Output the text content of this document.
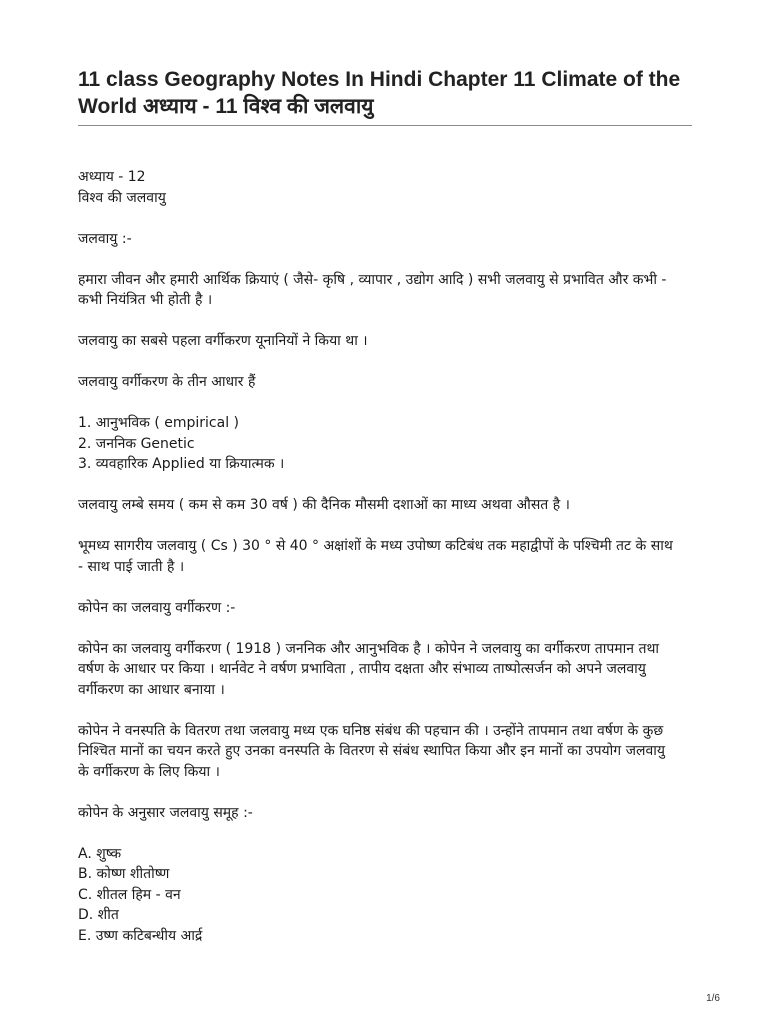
11 class Geography Notes In Hindi Chapter 11 Climate of the World अध्याय - 11 विश्व की जलवायु

अध्याय - 12

विश्व की जलवायु

जलवायु :-

हमारा जीवन और हमारी आर्थिक क्रियाएं ( जैसे- कृषि , व्यापार , उद्योग आदि ) सभी जलवायु से प्रभावित और कभी - कभी नियंत्रित भी होती है ।

जलवायु का सबसे पहला वर्गीकरण यूनानियों ने किया था ।

जलवायु वर्गीकरण के तीन आधार हैं

1. आनुभविक ( empirical )

2. जननिक Genetic

3. व्यवहारिक Applied या क्रियात्मक ।

जलवायु लम्बे समय ( कम से कम 30 वर्ष ) की दैनिक मौसमी दशाओं का माध्य अथवा औसत है ।

भूमध्य सागरीय जलवायु ( Cs ) 30 ° से 40 ° अक्षांशों के मध्य उपोष्ण कटिबंध तक महाद्वीपों के पश्चिमी तट के साथ - साथ पाई जाती है ।

कोपेन का जलवायु वर्गीकरण :-

कोपेन का जलवायु वर्गीकरण ( 1918 ) जननिक और आनुभविक है । कोपेन ने जलवायु का वर्गीकरण तापमान तथा वर्षण के आधार पर किया । थार्नवेट ने वर्षण प्रभाविता , तापीय दक्षता और संभाव्य ताष्पोत्सर्जन को अपने जलवायु वर्गीकरण का आधार बनाया ।

कोपेन ने वनस्पति के वितरण तथा जलवायु मध्य एक घनिष्ठ संबंध की पहचान की । उन्होंने तापमान तथा वर्षण के कुछ निश्चित मानों का चयन करते हुए उनका वनस्पति के वितरण से संबंध स्थापित किया और इन मानों का उपयोग जलवायु के वर्गीकरण के लिए किया ।

कोपेन के अनुसार जलवायु समूह :-

A. शुष्क

B. कोष्ण शीतोष्ण

C. शीतल हिम - वन

D. शीत

E. उष्ण कटिबन्धीय आर्द्र

1/6
